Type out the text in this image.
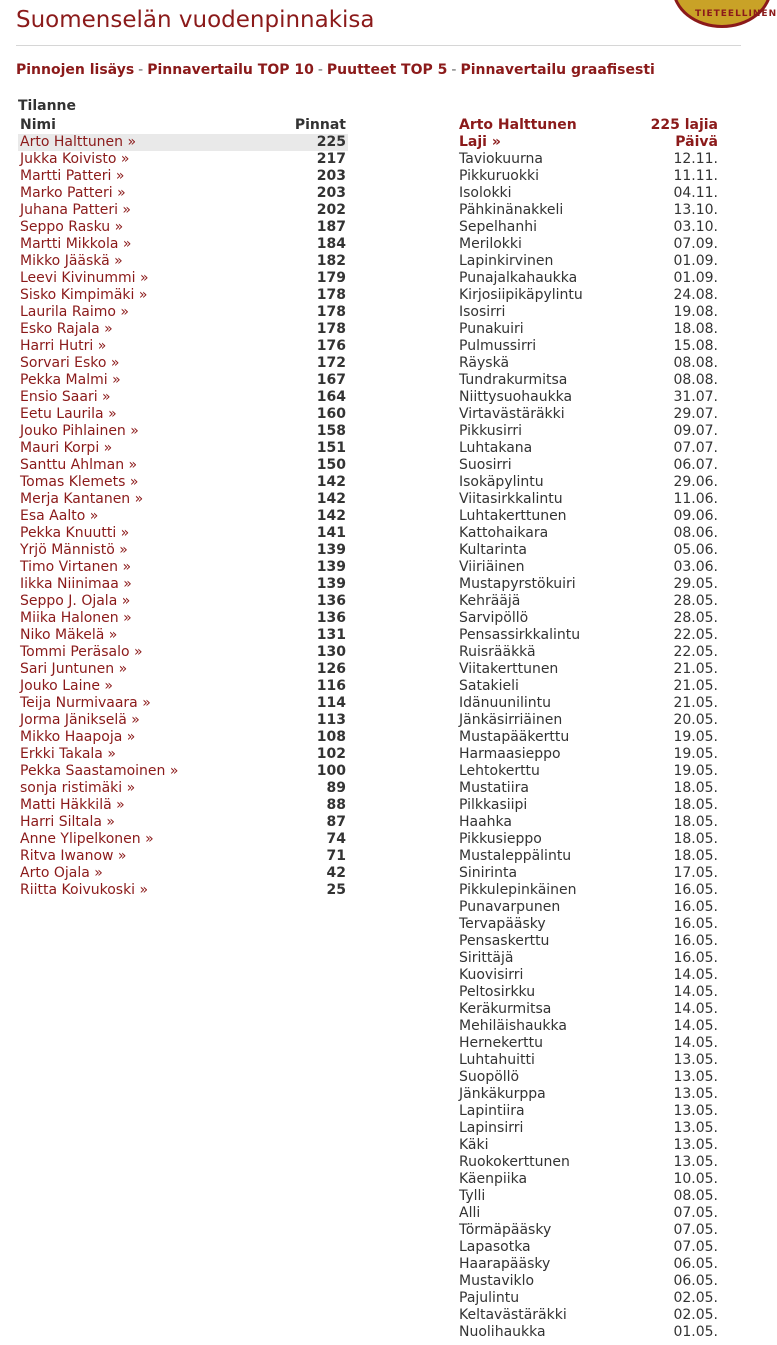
Suomenselän vuodenpinnakisa	TIETEELLINEN
Pinnojen lisäys - Pinnavertailu TOP 10 - Puutteet TOP 5 - Pinnavertailu graafisesti
Tilanne
Nimi	Pinnat
Arto Halttunen »	225
Jukka Koivisto »	217
Martti Patteri »	203
Marko Patteri »	203
Juhana Patteri »	202
Seppo Rasku »	187
Martti Mikkola »	184
Mikko Jääskä »	182
Leevi Kivinummi »	179
Sisko Kimpimäki »	178
Laurila Raimo »	178
Esko Rajala »	178
Harri Hutri »	176
Sorvari Esko »	172
Pekka Malmi »	167
Ensio Saari »	164
Eetu Laurila »	160
Jouko Pihlainen »	158
Mauri Korpi »	151
Santtu Ahlman »	150
Tomas Klemets »	142
Merja Kantanen »	142
Esa Aalto »	142
Pekka Knuutti »	141
Yrjö Männistö »	139
Timo Virtanen »	139
Iikka Niinimaa »	139
Seppo J. Ojala »	136
Miika Halonen »	136
Niko Mäkelä »	131
Tommi Peräsalo »	130
Sari Juntunen »	126
Jouko Laine »	116
Teija Nurmivaara »	114
Jorma Jäniksel​ä »	113
Mikko Haapoja »	108
Erkki Takala »	102
Pekka Saastamoinen »	100
sonja ristimäki »	89
Matti Häkkilä »	88
Harri Siltala »	87
Anne Ylipelkonen »	74
Ritva Iwanow »	71
Arto Ojala »	42
Riitta Koivukoski »	25
Arto Halttunen	225 lajia
Laji »	Päivä
Taviokuurna	12.11.
Pikkuruokki	11.11.
Isolokki	04.11.
Pähkinänakkeli	13.10.
Sepelhanhi	03.10.
Merilokki	07.09.
Lapinkirvinen	01.09.
Punajalkahaukka	01.09.
Kirjosiipikäpylintu	24.08.
Isosirri	19.08.
Punakuiri	18.08.
Pulmussirri	15.08.
Räyskä	08.08.
Tundrakurmitsa	08.08.
Niittysuohaukka	31.07.
Virtavästäräkki	29.07.
Pikkusirri	09.07.
Luhtakana	07.07.
Suosirri	06.07.
Isokäpylintu	29.06.
Viitasirkkalintu	11.06.
Luhtakerttunen	09.06.
Kattohaikara	08.06.
Kultarinta	05.06.
Viiriäinen	03.06.
Mustapyrstökuiri	29.05.
Kehrääjä	28.05.
Sarvipöllö	28.05.
Pensassirkkalintu	22.05.
Ruisrääkkä	22.05.
Viitakerttunen	21.05.
Satakieli	21.05.
Idänuunilintu	21.05.
Jänkäsirriäinen	20.05.
Mustapääkerttu	19.05.
Harmaasieppo	19.05.
Lehtokerttu	19.05.
Mustatiira	18.05.
Pilkkasiipi	18.05.
Haahka	18.05.
Pikkusieppo	18.05.
Mustaleppälintu	18.05.
Sinirinta	17.05.
Pikkulepinkäinen	16.05.
Punavarpunen	16.05.
Tervapääsky	16.05.
Pensaskerttu	16.05.
Sirittäjä	16.05.
Kuovisirri	14.05.
Peltosirkku	14.05.
Keräkurmitsa	14.05.
Mehiläishaukka	14.05.
Hernekerttu	14.05.
Luhtahuitti	13.05.
Suopöllö	13.05.
Jänkäkurppa	13.05.
Lapintiira	13.05.
Lapinsirri	13.05.
Käki	13.05.
Ruokokerttunen	13.05.
Käenpiika	10.05.
Tylli	08.05.
Alli	07.05.
Törmäpääsky	07.05.
Lapasotka	07.05.
Haarapääsky	06.05.
Mustaviklo	06.05.
Pajulintu	02.05.
Keltavästäräkki	02.05.
Nuolihaukka	01.05.
